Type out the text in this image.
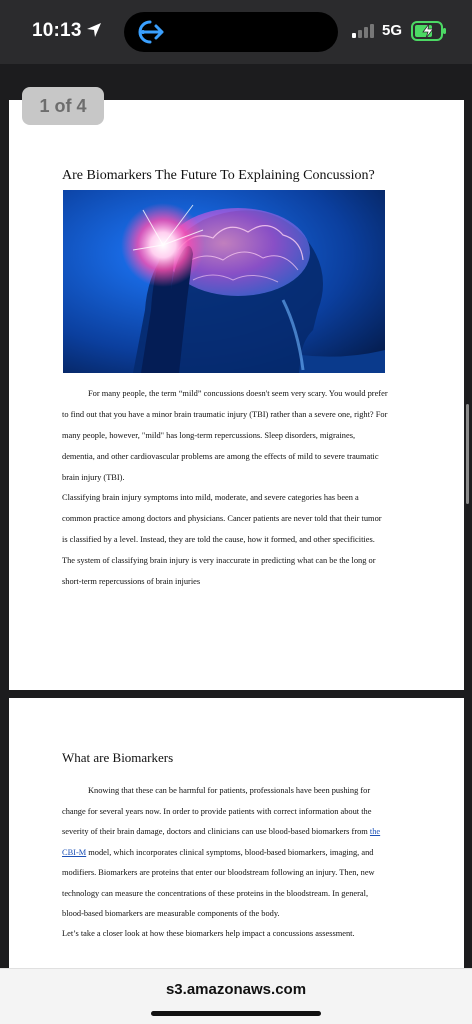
10:13	5G
1 of 4
Are Biomarkers The Future To Explaining Concussion?
For many people, the term “mild” concussions doesn't seem very scary. You would prefer
to find out that you have a minor brain traumatic injury (TBI) rather than a severe one, right? For
many people, however, "mild" has long-term repercussions. Sleep disorders, migraines,
dementia, and other cardiovascular problems are among the effects of mild to severe traumatic
brain injury (TBI).
Classifying brain injury symptoms into mild, moderate, and severe categories has been a
common practice among doctors and physicians. Cancer patients are never told that their tumor
is classified by a level. Instead, they are told the cause, how it formed, and other specificities.
The system of classifying brain injury is very inaccurate in predicting what can be the long or
short-term repercussions of brain injuries
What are Biomarkers
Knowing that these can be harmful for patients, professionals have been pushing for
change for several years now. In order to provide patients with correct information about the
severity of their brain damage, doctors and clinicians can use blood-based biomarkers from the
CBI-M model, which incorporates clinical symptoms, blood-based biomarkers, imaging, and
modifiers. Biomarkers are proteins that enter our bloodstream following an injury. Then, new
technology can measure the concentrations of these proteins in the bloodstream. In general,
blood-based biomarkers are measurable components of the body.
Let’s take a closer look at how these biomarkers help impact a concussions assessment.
s3.amazonaws.com
